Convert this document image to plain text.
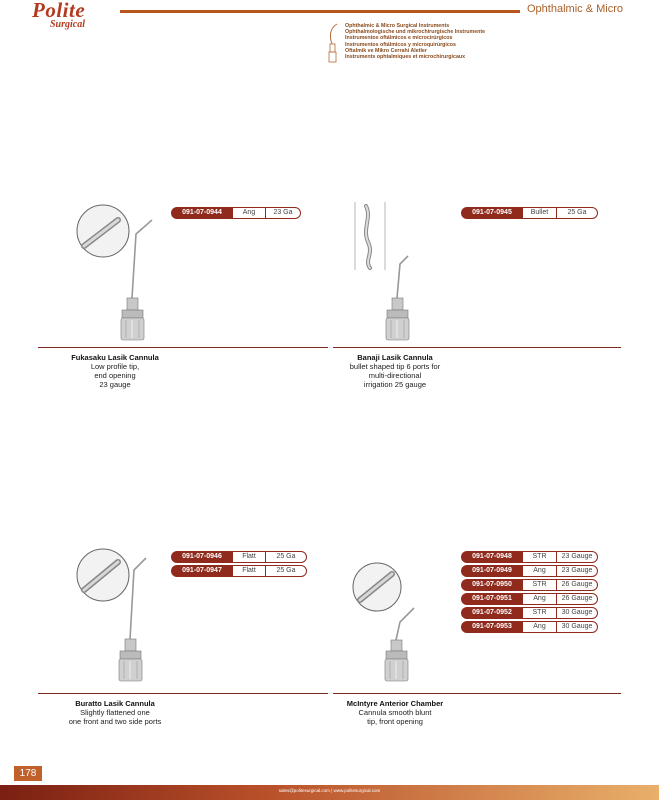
Polite
Surgical
Ophthalmic & Micro
Ophthalmic & Micro Surgical Instruments
Ophthalmologische und mikrochirurgische Instrumente
Instrumentos oftálmicos e microcirúrgicos
Instrumentos oftálmicos y microquirúrgicos
Oftalmik ve Mikro Cerrahi Aletler
Instruments ophtalmiques et microchirurgicaux
091-07-0944	Ang	23 Ga
Fukasaku Lasik Cannula
Low profile tip,
end opening
23 gauge
091-07-0945	Bullet	25 Ga
Banaji Lasik Cannula
bullet shaped tip 6 ports for
multi-directional
irrigation 25 gauge
091-07-0946	Flatt	25 Ga
091-07-0947	Flatt	25 Ga
Buratto Lasik Cannula
Slightly flattened one
one front and two side ports
091-07-0948	STR	23 Gauge
091-07-0949	Ang	23 Gauge
091-07-0950	STR	26 Gauge
091-07-0951	Ang	26 Gauge
091-07-0952	STR	30 Gauge
091-07-0953	Ang	30 Gauge
McIntyre Anterior Chamber
Cannula smooth blunt
tip, front opening
178
sales@politesurgical.com | www.politesurgical.com
